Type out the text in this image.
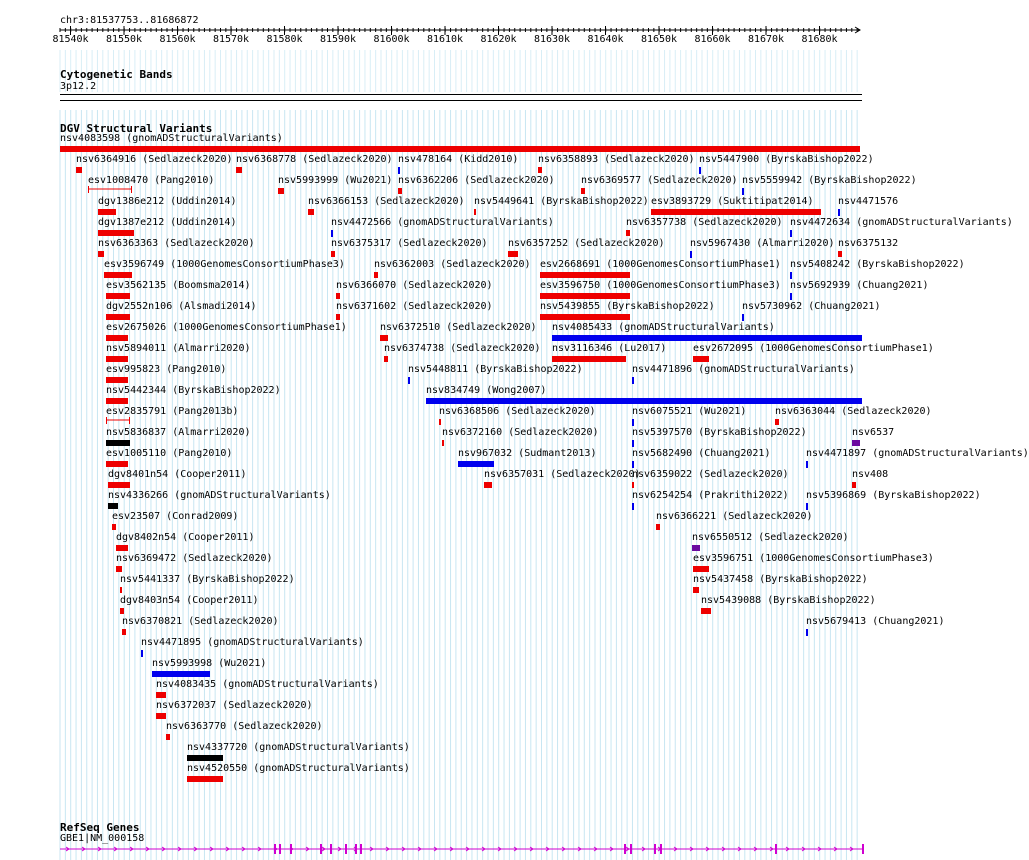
chr3:81537753..81686872
81540k 81550k 81560k 81570k 81580k 81590k 81600k 81610k 81620k 81630k 81640k 81650k 81660k 81670k 81680k
Cytogenetic Bands
3p12.2
DGV Structural Variants
nsv4083598 (gnomADStructuralVariants)
nsv6364916 (Sedlazeck2020) nsv6368778 (Sedlazeck2020) nsv478164 (Kidd2010) nsv6358893 (Sedlazeck2020) nsv5447900 (ByrskaBishop2022)
esv1008470 (Pang2010)	nsv5993999 (Wu2021) nsv6362206 (Sedlazeck2020)	nsv6369577 (Sedlazeck2020) nsv5559942 (ByrskaBishop2022)
dgv1386e212 (Uddin2014)	nsv6366153 (Sedlazeck2020) nsv5449641 (ByrskaBishop2022) esv3893729 (Suktitipat2014) nsv4471576
dgv1387e212 (Uddin2014)	nsv4472566 (gnomADStructuralVariants)	nsv6357738 (Sedlazeck2020) nsv4472634 (gnomADStructuralVariants)
nsv6363363 (Sedlazeck2020)	nsv6375317 (Sedlazeck2020) nsv6357252 (Sedlazeck2020)	nsv5967430 (Almarri2020) nsv6375132
esv3596749 (1000GenomesConsortiumPhase3)	nsv6362003 (Sedlazeck2020) esv2668691 (1000GenomesConsortiumPhase1) nsv5408242 (ByrskaBishop2022)
esv3562135 (Boomsma2014)	nsv6366070 (Sedlazeck2020)	esv3596750 (1000GenomesConsortiumPhase3) nsv5692939 (Chuang2021)
dgv2552n106 (Alsmadi2014)	nsv6371602 (Sedlazeck2020)	nsv5439855 (ByrskaBishop2022)	nsv5730962 (Chuang2021)
esv2675026 (1000GenomesConsortiumPhase1)	nsv6372510 (Sedlazeck2020) nsv4085433 (gnomADStructuralVariants)
nsv5894011 (Almarri2020)	nsv6374738 (Sedlazeck2020) nsv3116346 (Lu2017)	esv2672095 (1000GenomesConsortiumPhase1)
esv995823 (Pang2010)	nsv5448811 (ByrskaBishop2022)	nsv4471896 (gnomADStructuralVariants)
nsv5442344 (ByrskaBishop2022)	nsv834749 (Wong2007)
esv2835791 (Pang2013b)	nsv6368506 (Sedlazeck2020)	nsv6075521 (Wu2021)	nsv6363044 (Sedlazeck2020)
nsv5836837 (Almarri2020)	nsv6372160 (Sedlazeck2020)	nsv5397570 (ByrskaBishop2022)	nsv6537
esv1005110 (Pang2010)	nsv967032 (Sudmant2013)	nsv5682490 (Chuang2021)	nsv4471897 (gnomADStructuralVariants)
dgv8401n54 (Cooper2011)	nsv6357031 (Sedlazeck2020)
nsv6359022 (Sedlazeck2020)	nsv408
nsv4336266 (gnomADStructuralVariants)	nsv6254254 (Prakrithi2022) nsv5396869 (ByrskaBishop2022)
esv23507 (Conrad2009)	nsv6366221 (Sedlazeck2020)
dgv8402n54 (Cooper2011)	nsv6550512 (Sedlazeck2020)
nsv6369472 (Sedlazeck2020)	esv3596751 (1000GenomesConsortiumPhase3)
nsv5441337 (ByrskaBishop2022)	nsv5437458 (ByrskaBishop2022)
dgv8403n54 (Cooper2011)	nsv5439088 (ByrskaBishop2022)
nsv6370821 (Sedlazeck2020)	nsv5679413 (Chuang2021)
nsv4471895 (gnomADStructuralVariants)
nsv5993998 (Wu2021)
nsv4083435 (gnomADStructuralVariants)
nsv6372037 (Sedlazeck2020)
nsv6363770 (Sedlazeck2020)
nsv4337720 (gnomADStructuralVariants)
nsv4520550 (gnomADStructuralVariants)
RefSeq Genes
GBE1|NM_000158
